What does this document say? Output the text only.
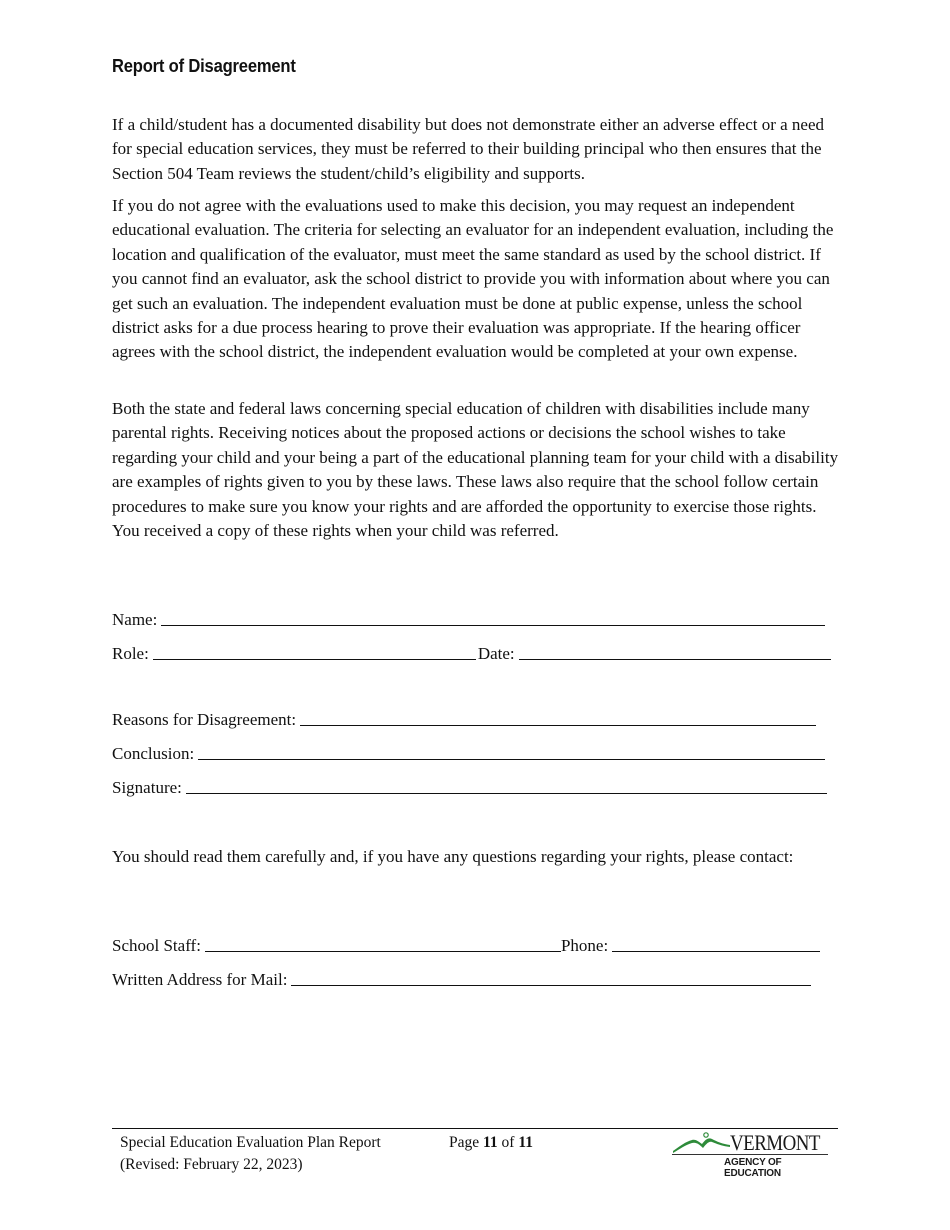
Report of Disagreement

If a child/student has a documented disability but does not demonstrate either an adverse effect or a need for special education services, they must be referred to their building principal who then ensures that the Section 504 Team reviews the student/child’s eligibility and supports.

If you do not agree with the evaluations used to make this decision, you may request an independent educational evaluation. The criteria for selecting an evaluator for an independent evaluation, including the location and qualification of the evaluator, must meet the same standard as used by the school district. If you cannot find an evaluator, ask the school district to provide you with information about where you can get such an evaluation. The independent evaluation must be done at public expense, unless the school district asks for a due process hearing to prove their evaluation was appropriate. If the hearing officer agrees with the school district, the independent evaluation would be completed at your own expense.

Both the state and federal laws concerning special education of children with disabilities include many parental rights. Receiving notices about the proposed actions or decisions the school wishes to take regarding your child and your being a part of the educational planning team for your child with a disability are examples of rights given to you by these laws. These laws also require that the school follow certain procedures to make sure you know your rights and are afforded the opportunity to exercise those rights. You received a copy of these rights when your child was referred.

Name:
Role:	Date:
Reasons for Disagreement:
Conclusion:
Signature:

You should read them carefully and, if you have any questions regarding your rights, please contact:

School Staff:	Phone:
Written Address for Mail:
Special Education Evaluation Plan Report
(Revised: February 22, 2023)
Page 11 of 11	VERMONT
AGENCY OF EDUCATION
